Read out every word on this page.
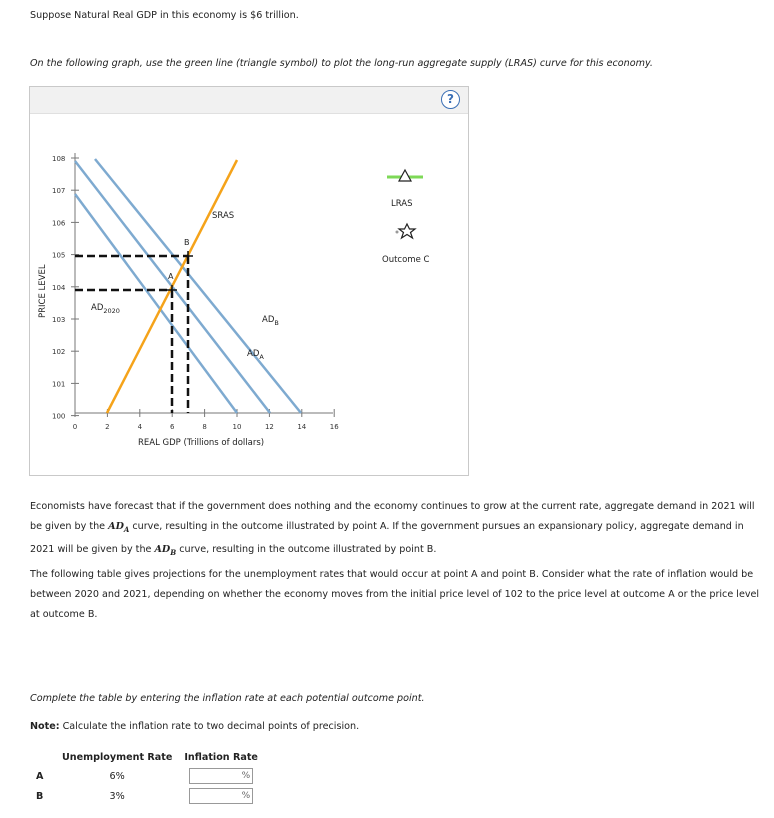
Suppose Natural Real GDP in this economy is $6 trillion.
On the following graph, use the green line (triangle symbol) to plot the long-run aggregate supply (LRAS) curve for this economy.
?
108
107
106
105
104
103
102
101
100
0	2	4	6	8	10	12	14	16
A
B
SRAS
$AD_{2020}$
$AD_A$
$AD_B$
PRICE LEVEL
REAL GDP (Trillions of dollars)
LRAS
Outcome C
Economists have forecast that if the government does nothing and the economy continues to grow at the current rate, aggregate demand in 2021 will be given by the $AD_A$ curve, resulting in the outcome illustrated by point A. If the government pursues an expansionary policy, aggregate demand in 2021 will be given by the $AD_B$ curve, resulting in the outcome illustrated by point B.
The following table gives projections for the unemployment rates that would occur at point A and point B. Consider what the rate of inflation would be between 2020 and 2021, depending on whether the economy moves from the initial price level of 102 to the price level at outcome A or the price level at outcome B.
Complete the table by entering the inflation rate at each potential outcome point.
Note: Calculate the inflation rate to two decimal points of precision.
	Unemployment Rate	Inflation Rate
A	6%	%

B	3%	%
